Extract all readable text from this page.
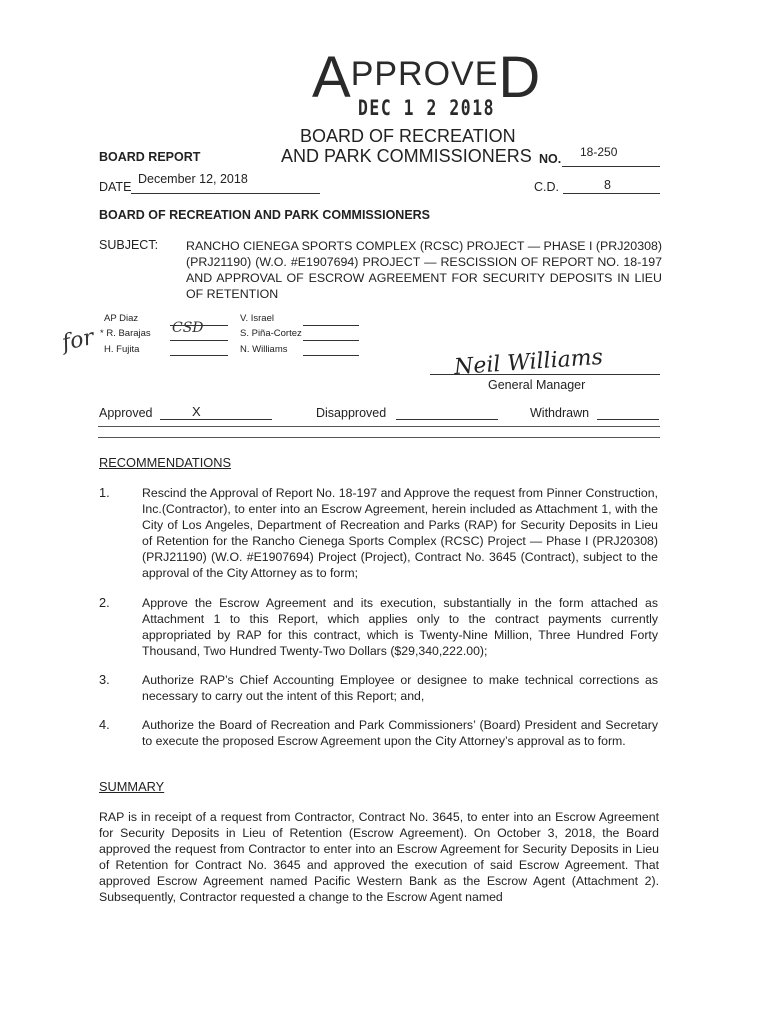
APPROVED
DEC 1 2 2018
BOARD OF RECREATION
AND PARK COMMISSIONERS
BOARD REPORT	NO. 18-250
DATE
December 12, 2018
C.D.	8
BOARD OF RECREATION AND PARK COMMISSIONERS
SUBJECT: RANCHO CIENEGA SPORTS COMPLEX (RCSC) PROJECT — PHASE I (PRJ20308) (PRJ21190) (W.O. #E1907694) PROJECT — RESCISSION OF REPORT NO. 18-197 AND APPROVAL OF ESCROW AGREEMENT FOR SECURITY DEPOSITS IN LIEU OF RETENTION
AP Diaz
* R. Barajas
H. Fujita
CSD
for
V. Israel
S. Piña-Cortez
N. Williams	Neil Williams
General Manager
Approved	X	Disapproved	Withdrawn
RECOMMENDATIONS
1.	Rescind the Approval of Report No. 18-197 and Approve the request from Pinner Construction, Inc.(Contractor), to enter into an Escrow Agreement, herein included as Attachment 1, with the City of Los Angeles, Department of Recreation and Parks (RAP) for Security Deposits in Lieu of Retention for the Rancho Cienega Sports Complex (RCSC) Project — Phase I (PRJ20308) (PRJ21190) (W.O. #E1907694) Project (Project), Contract No. 3645 (Contract), subject to the approval of the City Attorney as to form;
2.	Approve the Escrow Agreement and its execution, substantially in the form attached as Attachment 1 to this Report, which applies only to the contract payments currently appropriated by RAP for this contract, which is Twenty-Nine Million, Three Hundred Forty Thousand, Two Hundred Twenty-Two Dollars ($29,340,222.00);
3.	Authorize RAP’s Chief Accounting Employee or designee to make technical corrections as necessary to carry out the intent of this Report; and,
4.	Authorize the Board of Recreation and Park Commissioners’ (Board) President and Secretary to execute the proposed Escrow Agreement upon the City Attorney’s approval as to form.
SUMMARY
RAP is in receipt of a request from Contractor, Contract No. 3645, to enter into an Escrow Agreement for Security Deposits in Lieu of Retention (Escrow Agreement). On October 3, 2018, the Board approved the request from Contractor to enter into an Escrow Agreement for Security Deposits in Lieu of Retention for Contract No. 3645 and approved the execution of said Escrow Agreement. That approved Escrow Agreement named Pacific Western Bank as the Escrow Agent (Attachment 2). Subsequently, Contractor requested a change to the Escrow Agent named
